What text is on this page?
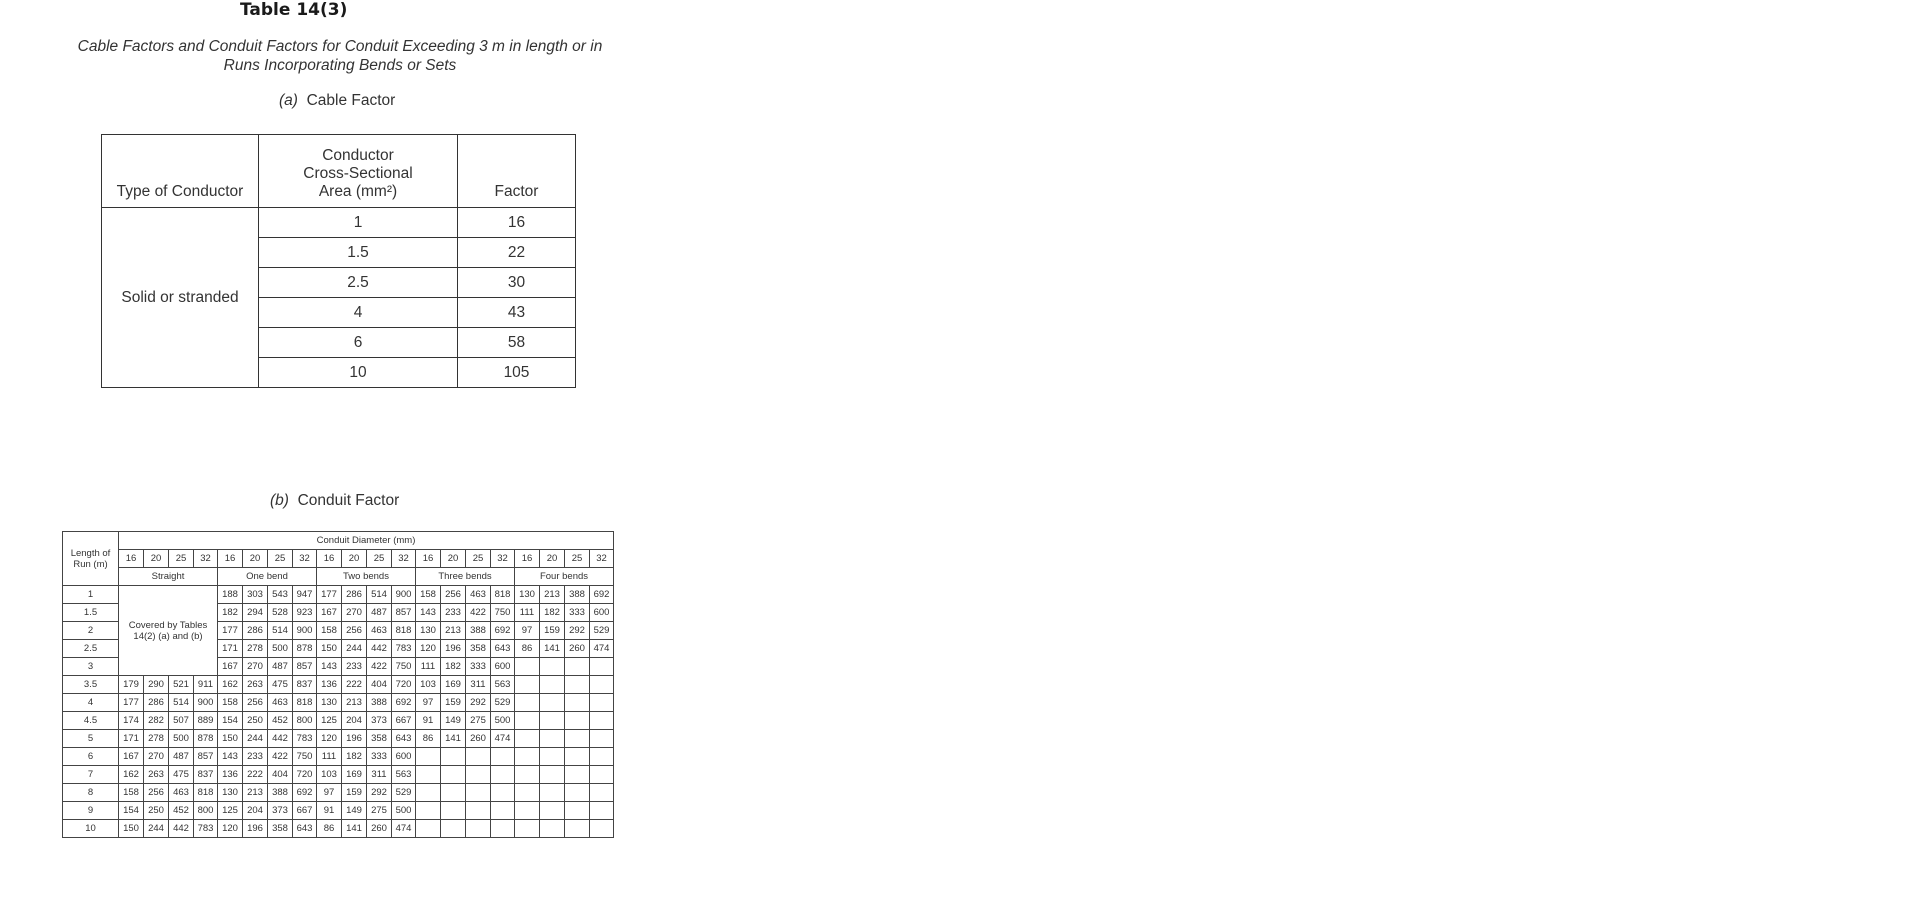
Table 14(3)
Cable Factors and Conduit Factors for Conduit Exceeding 3 m in length or in
Runs Incorporating Bends or Sets
(a) Cable Factor
Type of Conductor	Conductor
Cross-Sectional
Area (mm²)	Factor
Solid or stranded	1	16
	1.5	22
	2.5	30
	4	43
	6	58
	10	105
(b) Conduit Factor
Length of Run (m)	Conduit Diameter (mm)																			
	16	20	25	32	16	20	25	32	16	20	25	32	16	20	25	32	16	20	25	32
	Straight				One bend				Two bends				Three bends				Four bends			
1	Covered by Tables 14(2) (a) and (b)				188	303	543	947	177	286	514	900	158	256	463	818	130	213	388	692
1.5					182	294	528	923	167	270	487	857	143	233	422	750	111	182	333	600
2					177	286	514	900	158	256	463	818	130	213	388	692	97	159	292	529
2.5					171	278	500	878	150	244	442	783	120	196	358	643	86	141	260	474
3					167	270	487	857	143	233	422	750	111	182	333	600				
3.5	179	290	521	911	162	263	475	837	136	222	404	720	103	169	311	563				
4	177	286	514	900	158	256	463	818	130	213	388	692	97	159	292	529				
4.5	174	282	507	889	154	250	452	800	125	204	373	667	91	149	275	500				
5	171	278	500	878	150	244	442	783	120	196	358	643	86	141	260	474				
6	167	270	487	857	143	233	422	750	111	182	333	600								
7	162	263	475	837	136	222	404	720	103	169	311	563								
8	158	256	463	818	130	213	388	692	97	159	292	529								
9	154	250	452	800	125	204	373	667	91	149	275	500								
10	150	244	442	783	120	196	358	643	86	141	260	474								
